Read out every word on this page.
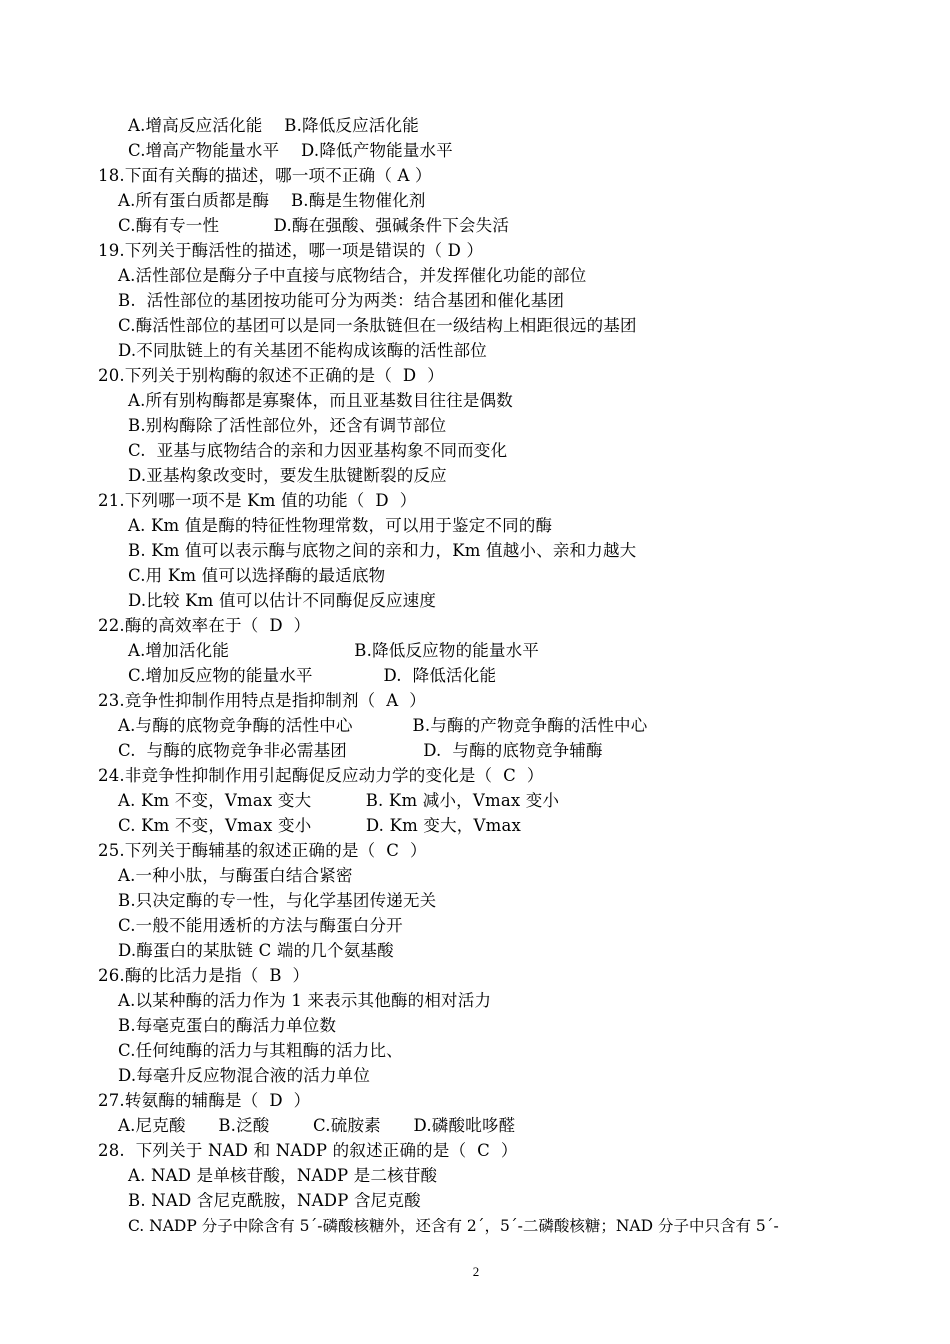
A.增高反应活化能    B.降低反应活化能
C.增高产物能量水平    D.降低产物能量水平
18.下面有关酶的描述，哪一项不正确（ A ）
A.所有蛋白质都是酶    B.酶是生物催化剂
C.酶有专一性          D.酶在强酸、强碱条件下会失活
19.下列关于酶活性的描述，哪一项是错误的（ D ）
A.活性部位是酶分子中直接与底物结合，并发挥催化功能的部位
B.  活性部位的基团按功能可分为两类：结合基团和催化基团
C.酶活性部位的基团可以是同一条肽链但在一级结构上相距很远的基团
D.不同肽链上的有关基团不能构成该酶的活性部位
20.下列关于别构酶的叙述不正确的是（  D  ）
A.所有别构酶都是寡聚体，而且亚基数目往往是偶数
B.别构酶除了活性部位外，还含有调节部位
C.  亚基与底物结合的亲和力因亚基构象不同而变化
D.亚基构象改变时，要发生肽键断裂的反应
21.下列哪一项不是 Km 值的功能（  D  ）
A. Km 值是酶的特征性物理常数，可以用于鉴定不同的酶
B. Km 值可以表示酶与底物之间的亲和力，Km 值越小、亲和力越大
C.用 Km 值可以选择酶的最适底物
D.比较 Km 值可以估计不同酶促反应速度
22.酶的高效率在于（  D  ）
A.增加活化能                       B.降低反应物的能量水平
C.增加反应物的能量水平             D.  降低活化能
23.竞争性抑制作用特点是指抑制剂（  A  ）
A.与酶的底物竞争酶的活性中心           B.与酶的产物竞争酶的活性中心
C.  与酶的底物竞争非必需基团              D.  与酶的底物竞争辅酶
24.非竞争性抑制作用引起酶促反应动力学的变化是（  C  ）
A. Km 不变，Vmax 变大          B. Km 减小，Vmax 变小
C. Km 不变，Vmax 变小          D. Km 变大，Vmax
25.下列关于酶辅基的叙述正确的是（  C  ）
A.一种小肽，与酶蛋白结合紧密
B.只决定酶的专一性，与化学基团传递无关
C.一般不能用透析的方法与酶蛋白分开
D.酶蛋白的某肽链 C 端的几个氨基酸
26.酶的比活力是指（  B  ）
A.以某种酶的活力作为 1 来表示其他酶的相对活力
B.每毫克蛋白的酶活力单位数
C.任何纯酶的活力与其粗酶的活力比、
D.每毫升反应物混合液的活力单位
27.转氨酶的辅酶是（  D  ）
A.尼克酸      B.泛酸        C.硫胺素      D.磷酸吡哆醛
28.  下列关于 NAD 和 NADP 的叙述正确的是（  C  ）
A. NAD 是单核苷酸，NADP 是二核苷酸
B. NAD 含尼克酰胺，NADP 含尼克酸
C. NADP 分子中除含有 5´-磷酸核糖外，还含有 2´，5´-二磷酸核糖；NAD 分子中只含有 5´-
2
